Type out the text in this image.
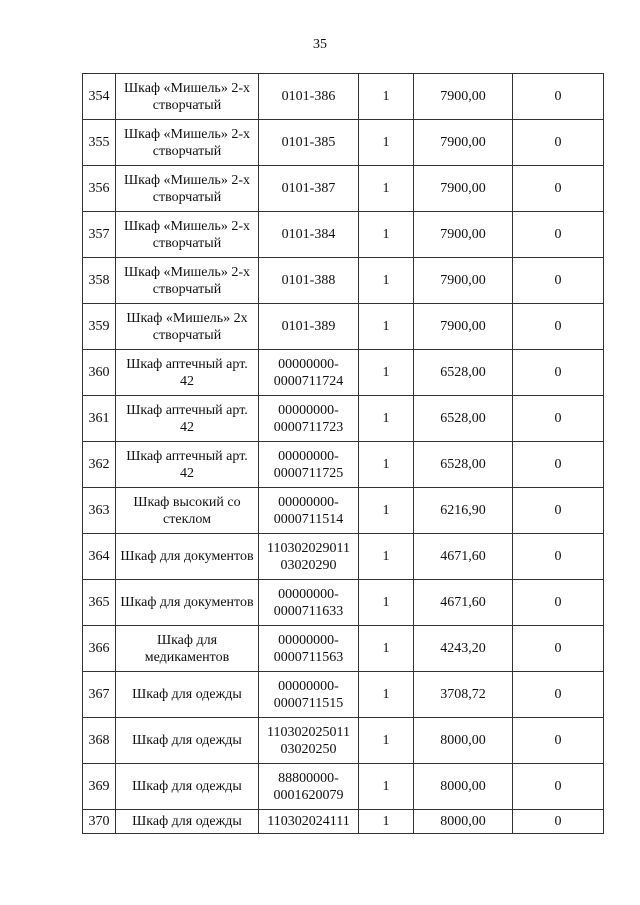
35
354	Шкаф «Мишель» 2-х створчатый	0101-386	1	7900,00	0
355	Шкаф «Мишель» 2-х створчатый	0101-385	1	7900,00	0
356	Шкаф «Мишель» 2-х створчатый	0101-387	1	7900,00	0
357	Шкаф «Мишель» 2-х створчатый	0101-384	1	7900,00	0
358	Шкаф «Мишель» 2-х створчатый	0101-388	1	7900,00	0
359	Шкаф «Мишель» 2х створчатый	0101-389	1	7900,00	0
360	Шкаф аптечный арт. 42	00000000-0000711724	1	6528,00	0
361	Шкаф аптечный арт. 42	00000000-0000711723	1	6528,00	0
362	Шкаф аптечный арт. 42	00000000-0000711725	1	6528,00	0
363	Шкаф высокий со стеклом	00000000-0000711514	1	6216,90	0
364	Шкаф для документов	110302029011 03020290	1	4671,60	0
365	Шкаф для документов	00000000-0000711633	1	4671,60	0
366	Шкаф для медикаментов	00000000-0000711563	1	4243,20	0
367	Шкаф для одежды	00000000-0000711515	1	3708,72	0
368	Шкаф для одежды	110302025011 03020250	1	8000,00	0
369	Шкаф для одежды	88800000-0001620079	1	8000,00	0
370	Шкаф для одежды	110302024111	1	8000,00	0
